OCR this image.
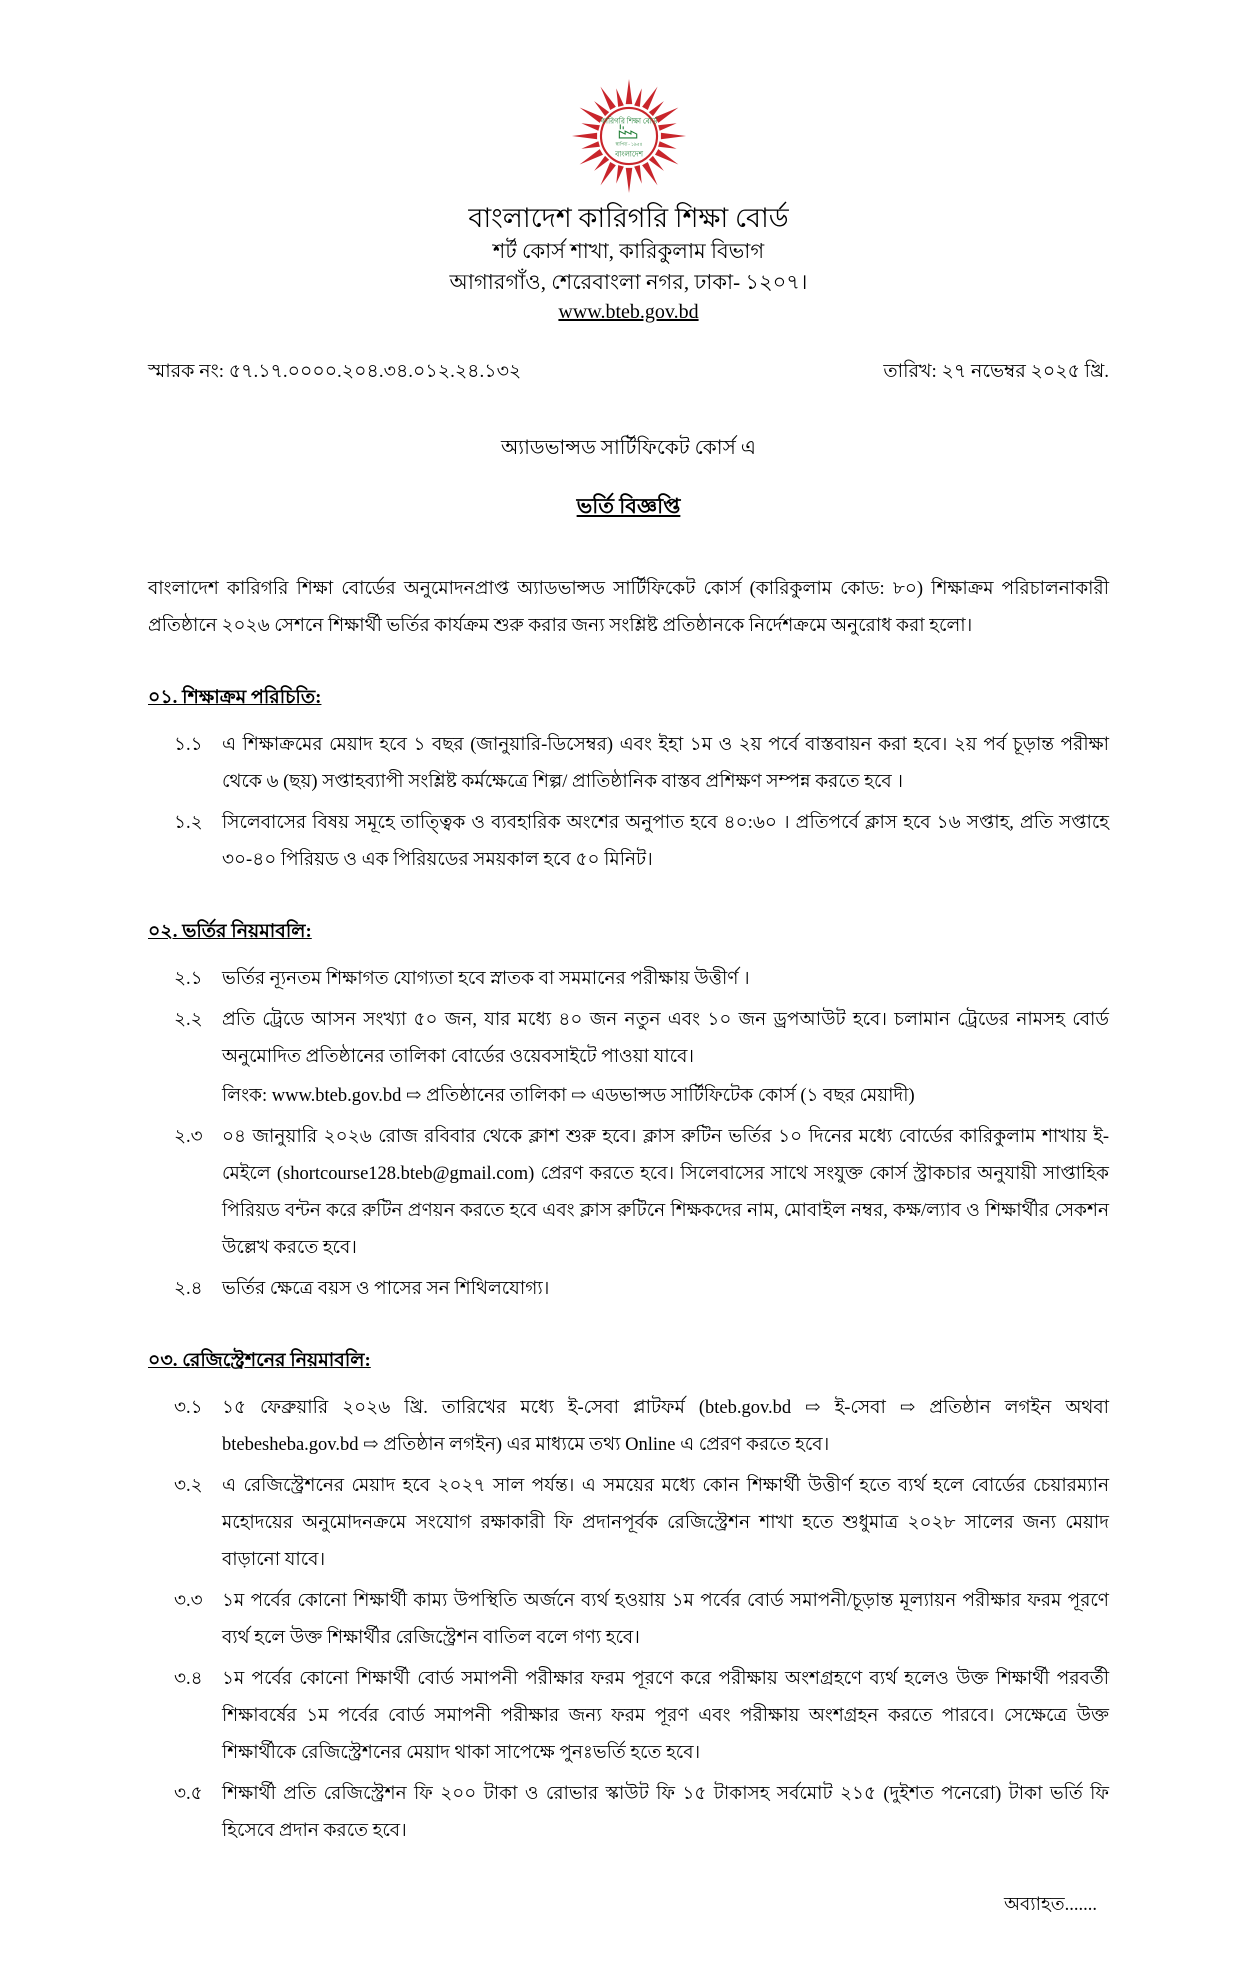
কারিগরি শিক্ষা বোর্ড
স্থাপিত - ১৯৫৪
বাংলাদেশ
বাংলাদেশ কারিগরি শিক্ষা বোর্ড
শর্ট কোর্স শাখা, কারিকুলাম বিভাগ
আগারগাঁও, শেরেবাংলা নগর, ঢাকা- ১২০৭।
www.bteb.gov.bd
স্মারক নং: ৫৭.১৭.০০০০.২০৪.৩৪.০১২.২৪.১৩২	তারিখ: ২৭ নভেম্বর ২০২৫ খ্রি.
অ্যাডভান্সড সার্টিফিকেট কোর্স এ
ভর্তি বিজ্ঞপ্তি
বাংলাদেশ কারিগরি শিক্ষা বোর্ডের অনুমোদনপ্রাপ্ত অ্যাডভান্সড সার্টিফিকেট কোর্স (কারিকুলাম কোড: ৮০) শিক্ষাক্রম পরিচালনাকারী প্রতিষ্ঠানে ২০২৬ সেশনে শিক্ষার্থী ভর্তির কার্যক্রম শুরু করার জন্য সংশ্লিষ্ট প্রতিষ্ঠানকে নির্দেশক্রমে অনুরোধ করা হলো।
০১. শিক্ষাক্রম পরিচিতি:
১.১	এ শিক্ষাক্রমের মেয়াদ হবে ১ বছর (জানুয়ারি-ডিসেম্বর) এবং ইহা ১ম ও ২য় পর্বে বাস্তবায়ন করা হবে। ২য় পর্ব চূড়ান্ত পরীক্ষা থেকে ৬ (ছয়) সপ্তাহব্যাপী সংশ্লিষ্ট কর্মক্ষেত্রে শিল্প/ প্রাতিষ্ঠানিক বাস্তব প্রশিক্ষণ সম্পন্ন করতে হবে ।
১.২	সিলেবাসের বিষয় সমূহে তাত্ত্বিক ও ব্যবহারিক অংশের অনুপাত হবে ৪০:৬০ । প্রতিপর্বে ক্লাস হবে ১৬ সপ্তাহ, প্রতি সপ্তাহে ৩০-৪০ পিরিয়ড ও এক পিরিয়ডের সময়কাল হবে ৫০ মিনিট।
০২. ভর্তির নিয়মাবলি:
২.১	ভর্তির ন্যূনতম শিক্ষাগত যোগ্যতা হবে স্নাতক বা সমমানের পরীক্ষায় উত্তীর্ণ ।
২.২	প্রতি ট্রেডে আসন সংখ্যা ৫০ জন, যার মধ্যে ৪০ জন নতুন এবং ১০ জন ড্রপআউট হবে। চলামান ট্রেডের নামসহ বোর্ড অনুমোদিত প্রতিষ্ঠানের তালিকা বোর্ডের ওয়েবসাইটে পাওয়া যাবে।
লিংক: www.bteb.gov.bd ⇨ প্রতিষ্ঠানের তালিকা ⇨ এডভান্সড সার্টিফিটেক কোর্স (১ বছর মেয়াদী)
২.৩	০৪ জানুয়ারি ২০২৬ রোজ রবিবার থেকে ক্লাশ শুরু হবে। ক্লাস রুটিন ভর্তির ১০ দিনের মধ্যে বোর্ডের কারিকুলাম শাখায় ই-মেইলে (shortcourse128.bteb@gmail.com) প্রেরণ করতে হবে। সিলেবাসের সাথে সংযুক্ত কোর্স স্ট্রাকচার অনুযায়ী সাপ্তাহিক পিরিয়ড বন্টন করে রুটিন প্রণয়ন করতে হবে এবং ক্লাস রুটিনে শিক্ষকদের নাম, মোবাইল নম্বর, কক্ষ/ল্যাব ও শিক্ষার্থীর সেকশন উল্লেখ করতে হবে।
২.৪	ভর্তির ক্ষেত্রে বয়স ও পাসের সন শিথিলযোগ্য।
০৩. রেজিস্ট্রেশনের নিয়মাবলি:
৩.১	১৫ ফেব্রুয়ারি ২০২৬ খ্রি. তারিখের মধ্যে ই-সেবা প্লাটফর্ম (bteb.gov.bd ⇨ ই-সেবা ⇨ প্রতিষ্ঠান লগইন অথবা btebesheba.gov.bd ⇨ প্রতিষ্ঠান লগইন) এর মাধ্যমে তথ্য Online এ প্রেরণ করতে হবে।
৩.২	এ রেজিস্ট্রেশনের মেয়াদ হবে ২০২৭ সাল পর্যন্ত। এ সময়ের মধ্যে কোন শিক্ষার্থী উত্তীর্ণ হতে ব্যর্থ হলে বোর্ডের চেয়ারম্যান মহোদয়ের অনুমোদনক্রমে সংযোগ রক্ষাকারী ফি প্রদানপূর্বক রেজিস্ট্রেশন শাখা হতে শুধুমাত্র ২০২৮ সালের জন্য মেয়াদ বাড়ানো যাবে।
৩.৩	১ম পর্বের কোনো শিক্ষার্থী কাম্য উপস্থিতি অর্জনে ব্যর্থ হওয়ায় ১ম পর্বের বোর্ড সমাপনী/চূড়ান্ত মূল্যায়ন পরীক্ষার ফরম পূরণে ব্যর্থ হলে উক্ত শিক্ষার্থীর রেজিস্ট্রেশন বাতিল বলে গণ্য হবে।
৩.৪	১ম পর্বের কোনো শিক্ষার্থী বোর্ড সমাপনী পরীক্ষার ফরম পূরণে করে পরীক্ষায় অংশগ্রহণে ব্যর্থ হলেও উক্ত শিক্ষার্থী পরবর্তী শিক্ষাবর্ষের ১ম পর্বের বোর্ড সমাপনী পরীক্ষার জন্য ফরম পূরণ এবং পরীক্ষায় অংশগ্রহন করতে পারবে। সেক্ষেত্রে উক্ত শিক্ষার্থীকে রেজিস্ট্রেশনের মেয়াদ থাকা সাপেক্ষে পুনঃভর্তি হতে হবে।
৩.৫	শিক্ষার্থী প্রতি রেজিস্ট্রেশন ফি ২০০ টাকা ও রোভার স্কাউট ফি ১৫ টাকাসহ সর্বমোট ২১৫ (দুইশত পনেরো) টাকা ভর্তি ফি হিসেবে প্রদান করতে হবে।
অব্যাহত.......
